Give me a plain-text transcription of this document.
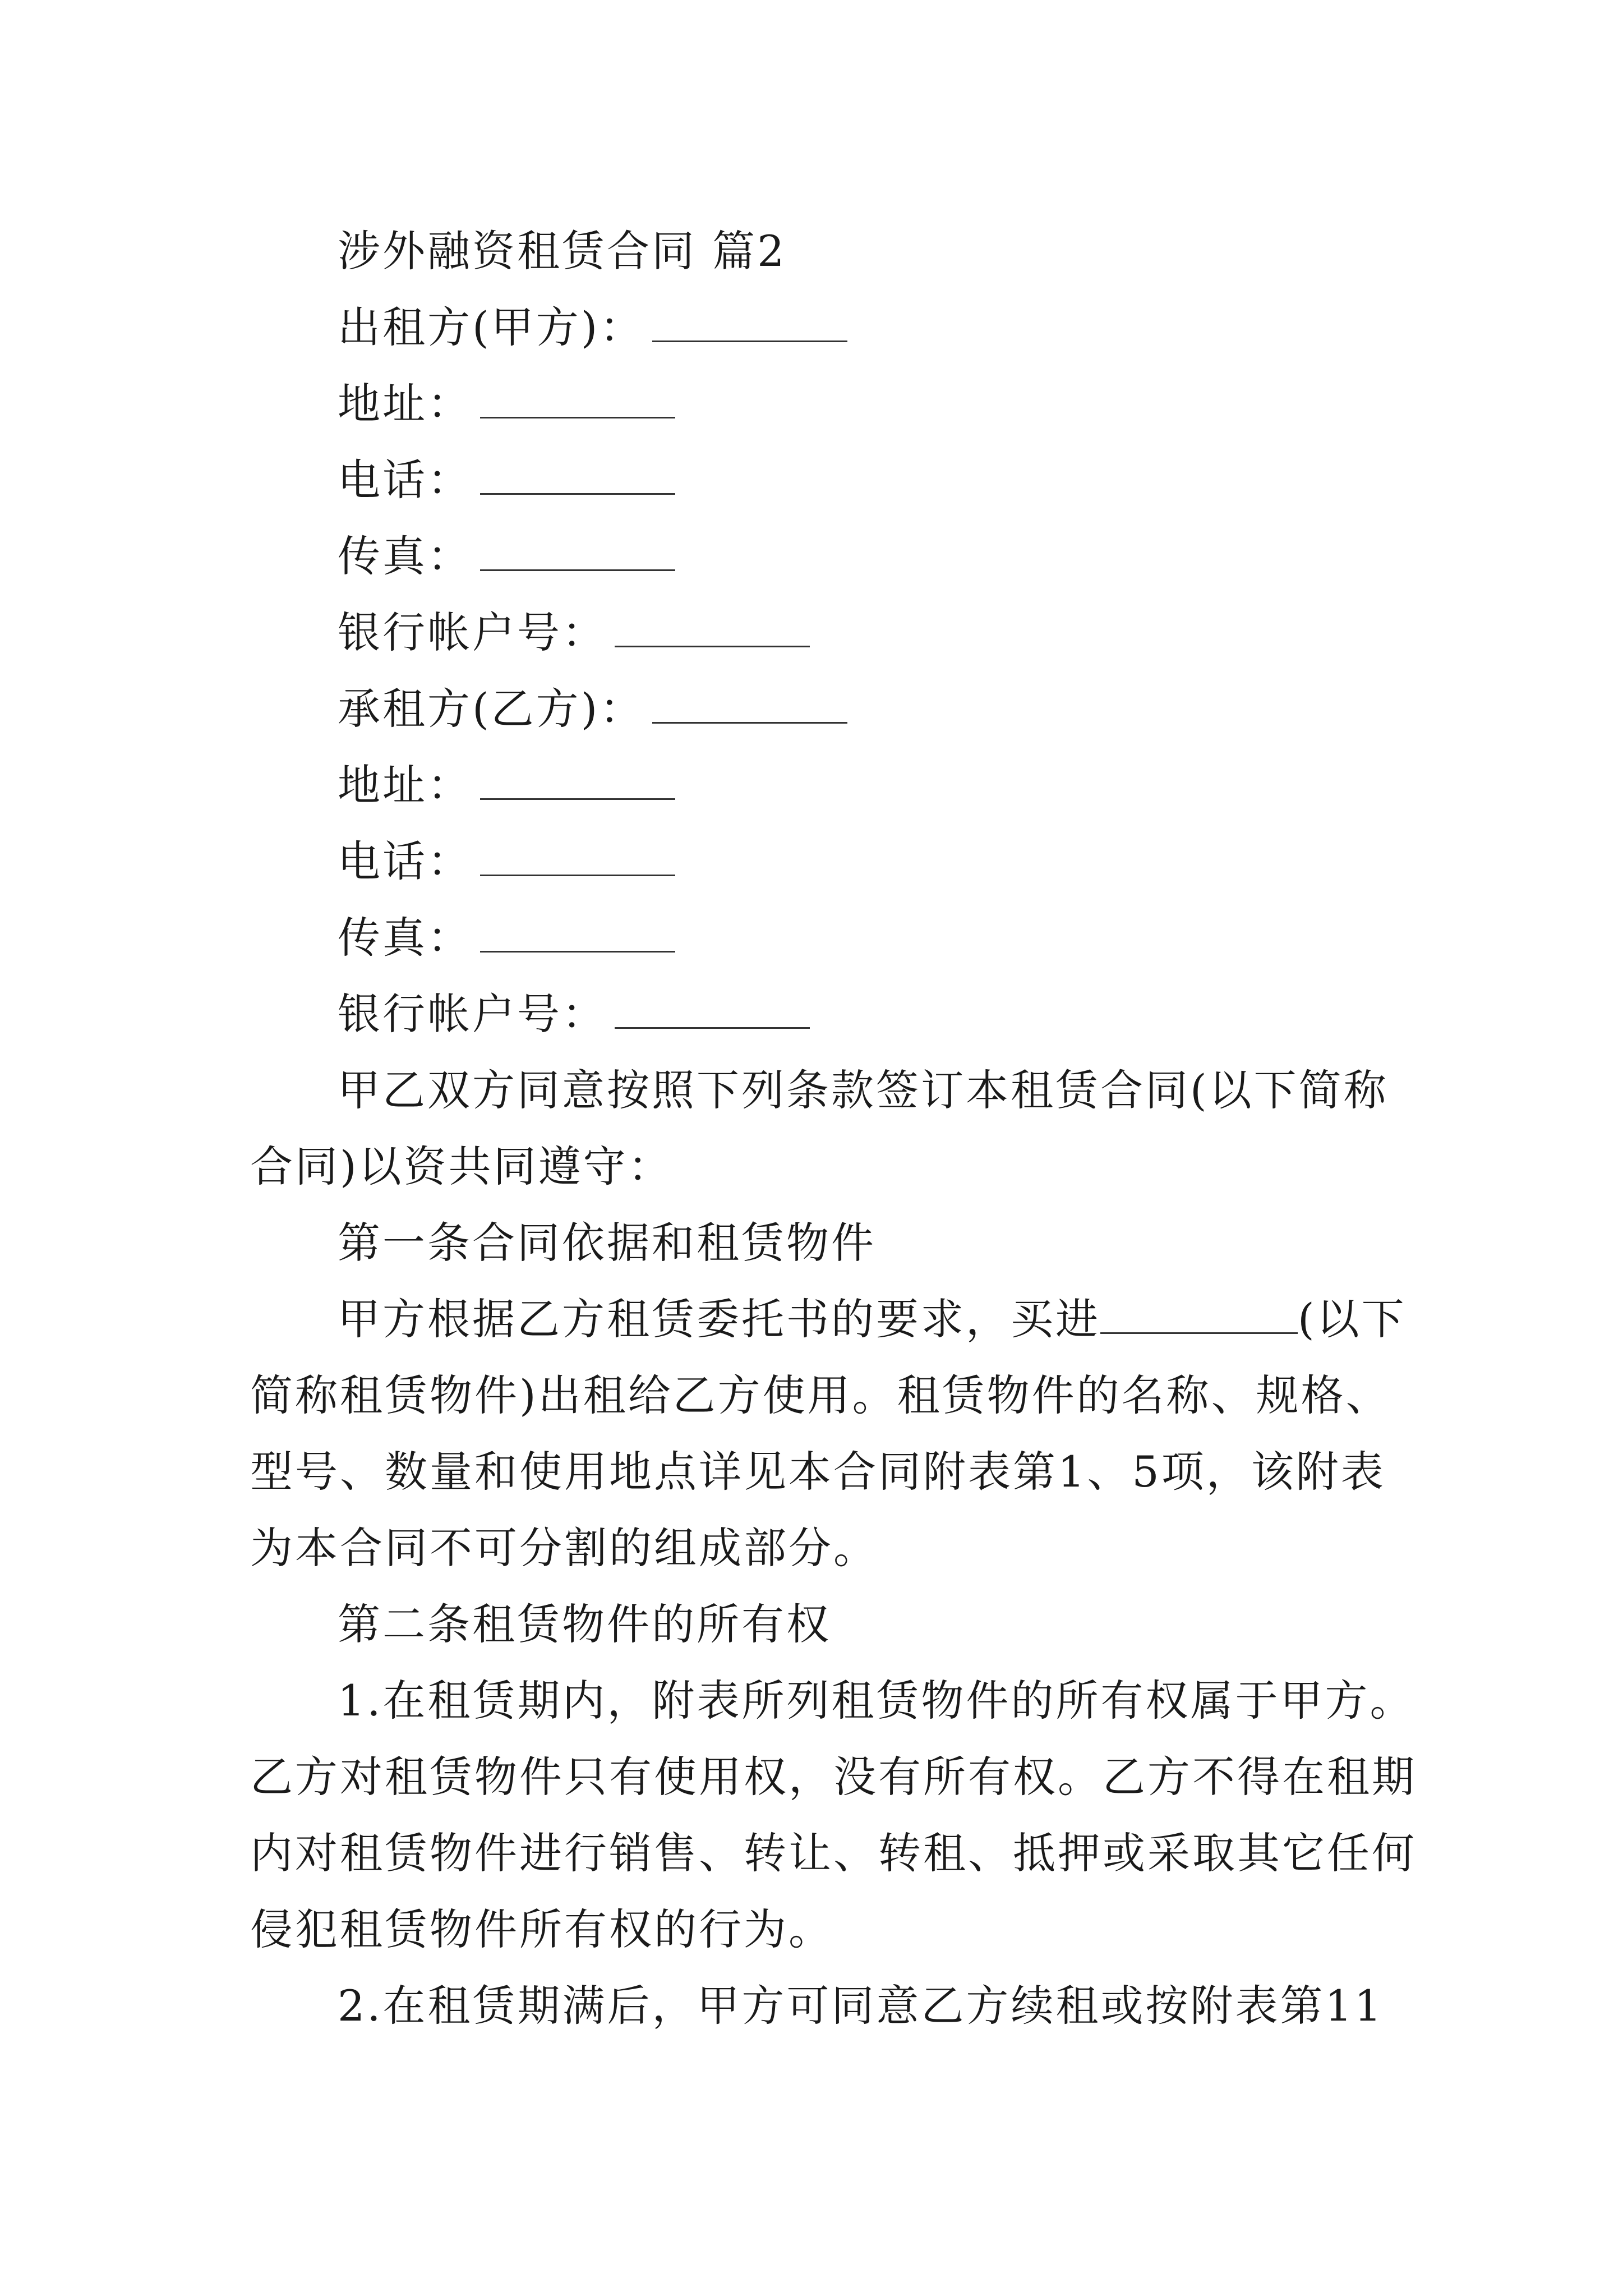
涉外融资租赁合同 篇2
出租方(甲方)：
地址：
电话：
传真：
银行帐户号：
承租方(乙方)：
地址：
电话：
传真：
银行帐户号：
甲乙双方同意按照下列条款签订本租赁合同(以下简称
合同)以资共同遵守：
第一条合同依据和租赁物件
甲方根据乙方租赁委托书的要求，买进	(以下
简称租赁物件)出租给乙方使用。租赁物件的名称、规格、
型号、数量和使用地点详见本合同附表第1、5项，该附表
为本合同不可分割的组成部分。
第二条租赁物件的所有权
1.在租赁期内，附表所列租赁物件的所有权属于甲方。
乙方对租赁物件只有使用权，没有所有权。乙方不得在租期
内对租赁物件进行销售、转让、转租、抵押或采取其它任何
侵犯租赁物件所有权的行为。
2.在租赁期满后，甲方可同意乙方续租或按附表第11
